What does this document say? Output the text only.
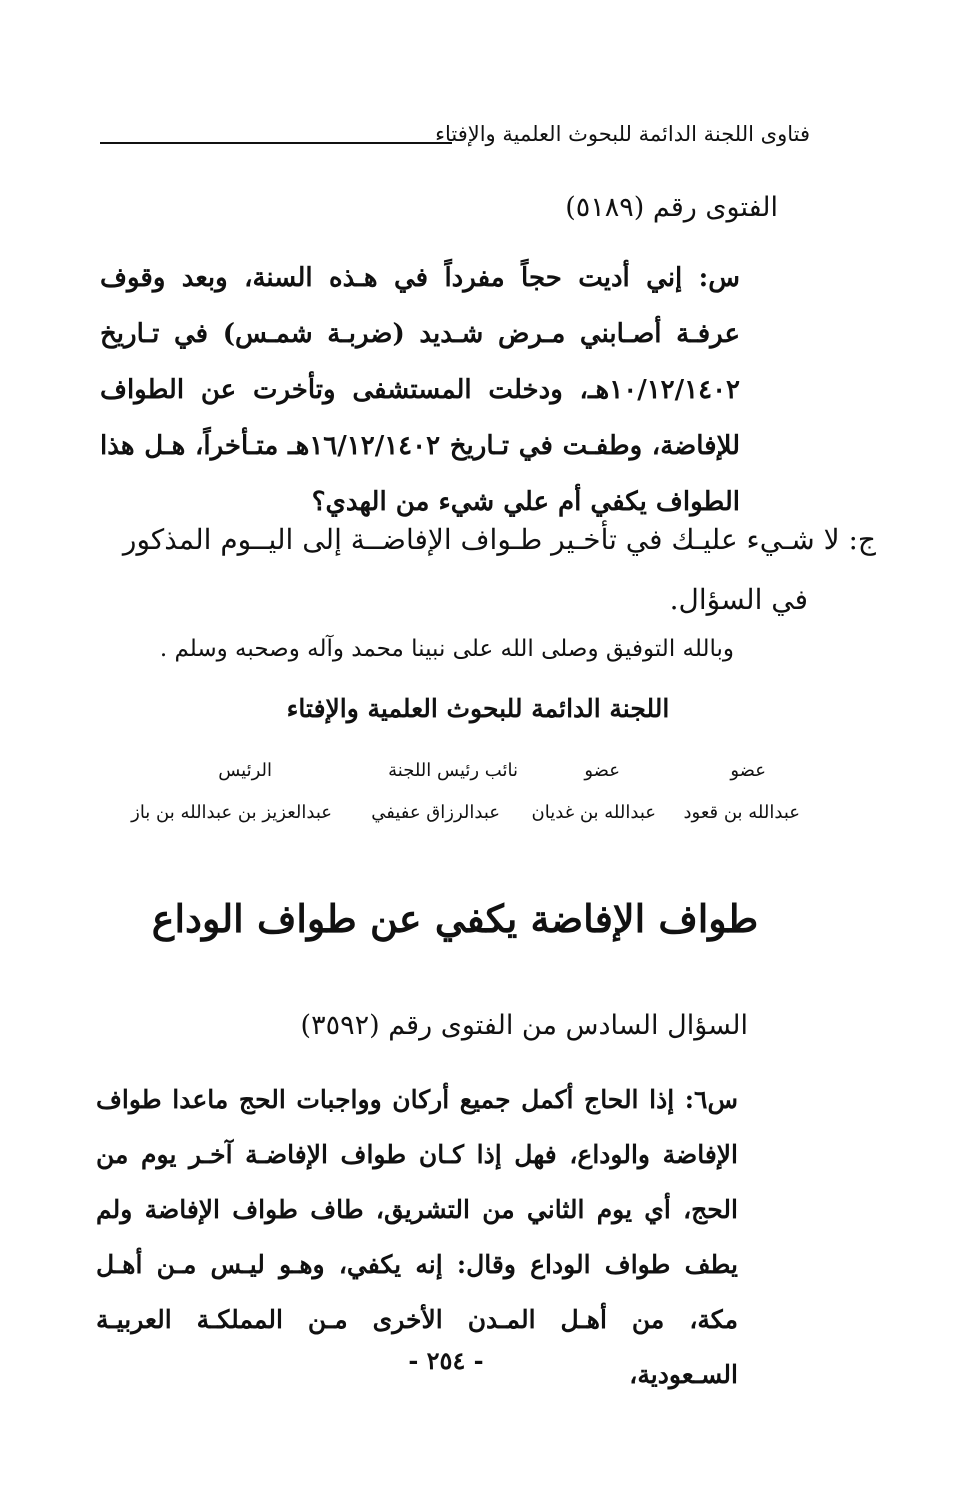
فتاوى اللجنة الدائمة للبحوث العلمية والإفتاء
الفتوى رقم (٥١٨٩)
س: إني أديت حجاً مفرداً في هـذه السنة، وبعد وقوف عرفـة أصـابني مـرض شـديد (ضربـة شمـس) في تـاريخ ١٠/١٢/١٤٠٢هـ، ودخلت المستشفى وتأخرت عن الطواف للإفاضة، وطفـت في تـاريخ ١٦/١٢/١٤٠٢هـ متـأخراً، هـل هذا الطواف يكفي أم علي شيء من الهدي؟
ج: لا شـيء عليـك في تأخـير طـواف الإفاضــة إلى اليــوم المذكور في السؤال.
وبالله التوفيق وصلى الله على نبينا محمد وآله وصحبه وسلم .
اللجنة الدائمة للبحوث العلمية والإفتاء
عضو
عضو
نائب رئيس اللجنة
الرئيس
عبدالله بن قعود
عبدالله بن غديان
عبدالرزاق عفيفي
عبدالعزيز بن عبدالله بن باز
طواف الإفاضة يكفي عن طواف الوداع
السؤال السادس من الفتوى رقم (٣٥٩٢)
س٦: إذا الحاج أكمل جميع أركان وواجبات الحج ماعدا طواف الإفاضة والوداع، فهل إذا كـان طواف الإفاضـة آخـر يوم من الحج، أي يوم الثاني من التشريق، طاف طواف الإفاضة ولم يطف طواف الوداع وقال: إنه يكفي، وهـو ليـس مـن أهـل مكة، من أهـل المـدن الأخرى مـن المملكـة العربيـة السـعودية،
- ٢٥٤ -
